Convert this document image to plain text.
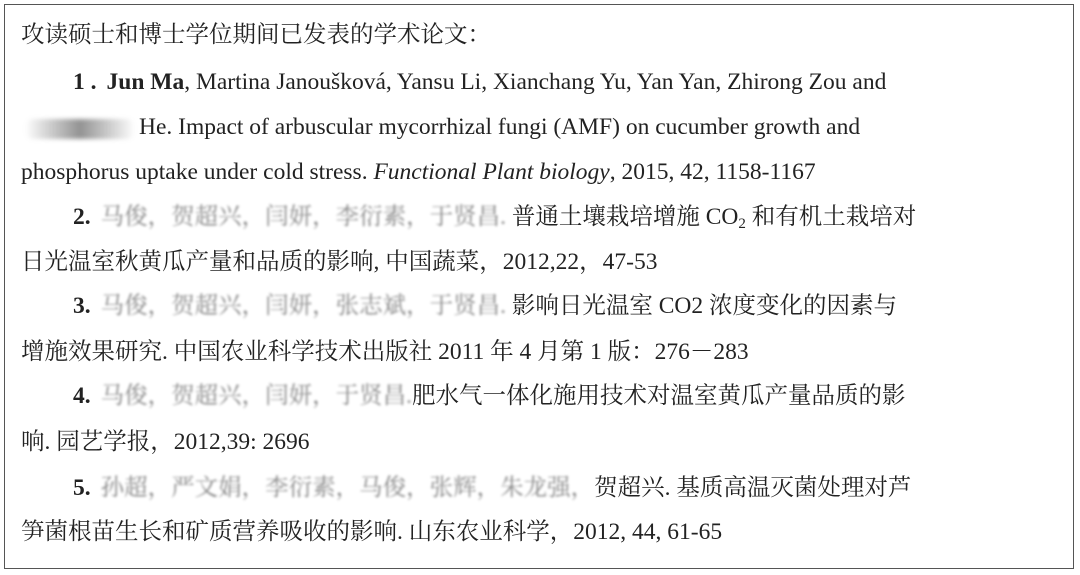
攻读硕士和博士学位期间已发表的学术论文：
1 . Jun Ma, Martina Janoušková, Yansu Li, Xianchang Yu, Yan Yan, Zhirong Zou and
He. Impact of arbuscular mycorrhizal fungi (AMF) on cucumber growth and
phosphorus uptake under cold stress. Functional Plant biology, 2015, 42, 1158-1167
2. 马俊，贺超兴，闫妍，李衍素，于贤昌. 普通土壤栽培增施 $CO_2$ 和有机土栽培对
日光温室秋黄瓜产量和品质的影响, 中国蔬菜，2012,22，47-53
3. 马俊，贺超兴，闫妍，张志斌，于贤昌. 影响日光温室 CO2 浓度变化的因素与
增施效果研究. 中国农业科学技术出版社 2011 年 4 月第 1 版：276－283
4. 马俊，贺超兴，闫妍，于贤昌.肥水气一体化施用技术对温室黄瓜产量品质的影
响. 园艺学报，2012,39: 2696
5. 孙超，严文娟，李衍素，马俊，张辉，朱龙强，贺超兴. 基质高温灭菌处理对芦
笋菌根苗生长和矿质营养吸收的影响. 山东农业科学，2012, 44, 61-65
